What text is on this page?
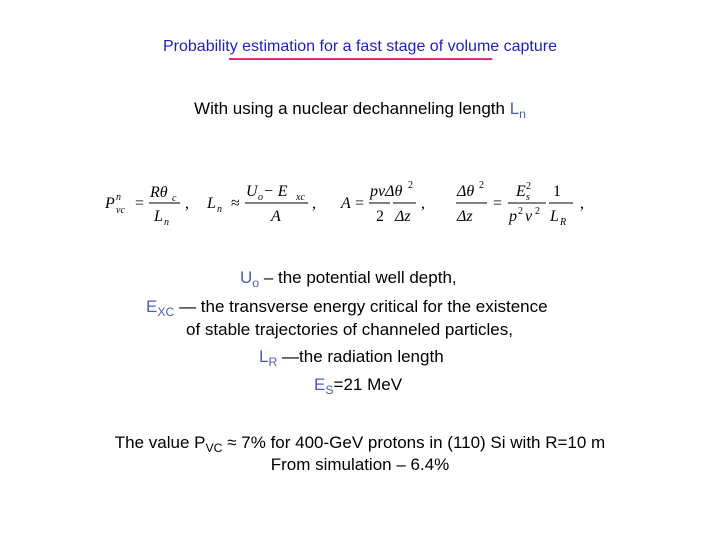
Probability estimation for a fast stage of volume capture
-------------------------------------------------------------------
With using a nuclear dechanneling length $L_n$
P n
vc =
Rθ c
L n
, L n ≈
U o − E xc
A
, A =
pvΔθ 2
2 Δz
,
Δθ 2
Δz
=
E 2
s
p 2 v 2
1
L R
,
$U_o$ – the potential well depth,
$E_{XC}$ ― the transverse energy critical for the existence
of stable trajectories of channeled particles,
$L_R$ ―the radiation length
$E_S=21$ MeV
The value $P_{VC} \approx 7\%$ for 400-GeV protons in (110) Si with R=10 m
From simulation – 6.4%
